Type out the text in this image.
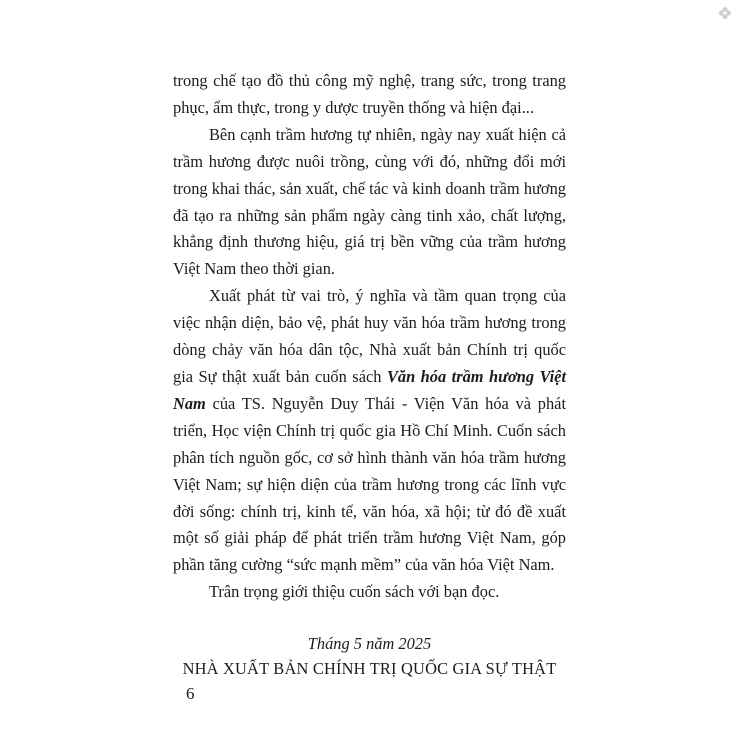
trong chế tạo đồ thủ công mỹ nghệ, trang sức, trong trang phục, ẩm thực, trong y dược truyền thống và hiện đại...

Bên cạnh trầm hương tự nhiên, ngày nay xuất hiện cả trầm hương được nuôi trồng, cùng với đó, những đổi mới trong khai thác, sản xuất, chế tác và kinh doanh trầm hương đã tạo ra những sản phẩm ngày càng tinh xảo, chất lượng, khẳng định thương hiệu, giá trị bền vững của trầm hương Việt Nam theo thời gian.

Xuất phát từ vai trò, ý nghĩa và tầm quan trọng của việc nhận diện, bảo vệ, phát huy văn hóa trầm hương trong dòng chảy văn hóa dân tộc, Nhà xuất bản Chính trị quốc gia Sự thật xuất bản cuốn sách Văn hóa trầm hương Việt Nam của TS. Nguyễn Duy Thái - Viện Văn hóa và phát triển, Học viện Chính trị quốc gia Hồ Chí Minh. Cuốn sách phân tích nguồn gốc, cơ sở hình thành văn hóa trầm hương Việt Nam; sự hiện diện của trầm hương trong các lĩnh vực đời sống: chính trị, kinh tế, văn hóa, xã hội; từ đó đề xuất một số giải pháp để phát triển trầm hương Việt Nam, góp phần tăng cường “sức mạnh mềm” của văn hóa Việt Nam.

Trân trọng giới thiệu cuốn sách với bạn đọc.

Tháng 5 năm 2025
NHÀ XUẤT BẢN CHÍNH TRỊ QUỐC GIA SỰ THẬT
6
